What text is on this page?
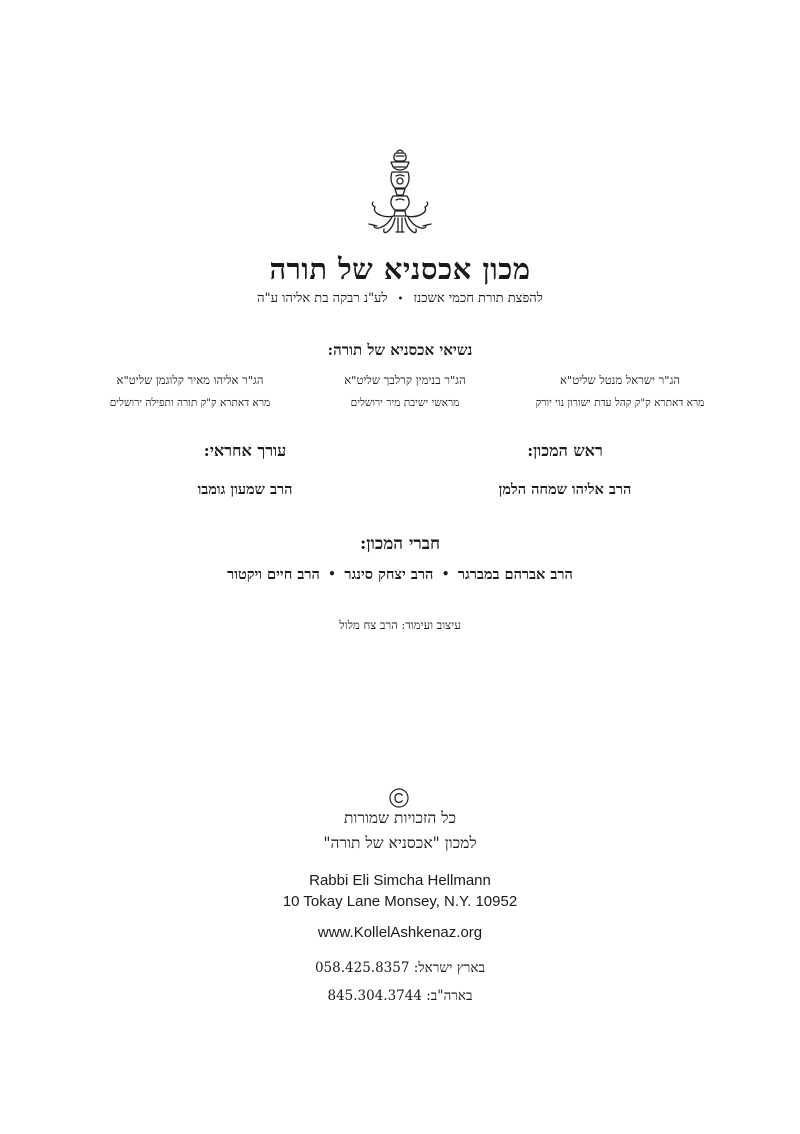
מכון אכסניא של תורה
להפצת תורת חכמי אשכנז•לע"נ רבקה בת אליהו ע"ה
נשיאי אכסניא של תורה:
הג"ר ישראל מנטל שליט"א
מרא דאתרא ק"ק קהל עדת ישורון נוי יורק
הג"ר בנימין קרלבך שליט"א
מראשי ישיבת מיר ירושלים
הג"ר אליהו מאיר קלוגמן שליט"א
מרא דאתרא ק"ק תורה ותפילה ירושלים
ראש המכון:
הרב אליהו שמחה הלמן
עורך אחראי:
הרב שמעון גומבו
חברי המכון:
הרב אברהם במברגר•הרב יצחק סינגר•הרב חיים ויקטור
עיצוב ועימוד: הרב צח מלול
כל הזכויות שמורות
למכון "אכסניא של תורה"
Rabbi Eli Simcha Hellmann
10 Tokay Lane Monsey, N.Y. 10952
www.KollelAshkenaz.org
058.425.8357 בארץ ישראל:
845.304.3744 בארה"ב:
